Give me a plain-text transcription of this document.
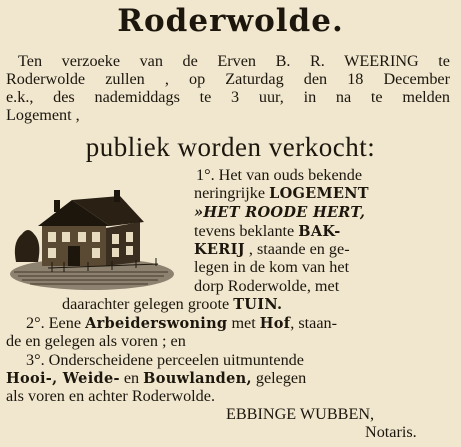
Roderwolde.
Ten verzoeke van de Erven B. R. WEERING te
Roderwolde zullen , op Zaturdag den 18 December
e.k., des nademiddags te 3 uur, in na te melden
Logement ,
publiek worden verkocht:
1°. Het van ouds bekende
neringrijke LOGEMENT
»HET ROODE HERT,
tevens beklante BAK-
KERIJ , staande en ge-
legen in de kom van het
dorp Roderwolde, met
daarachter gelegen groote TUIN.
2°. Eene Arbeiderswoning met Hof, staan-
de en gelegen als voren ; en
3°. Onderscheidene perceelen uitmuntende
Hooi-, Weide- en Bouwlanden, gelegen
als voren en achter Roderwolde.
EBBINGE WUBBEN,
Notaris.
